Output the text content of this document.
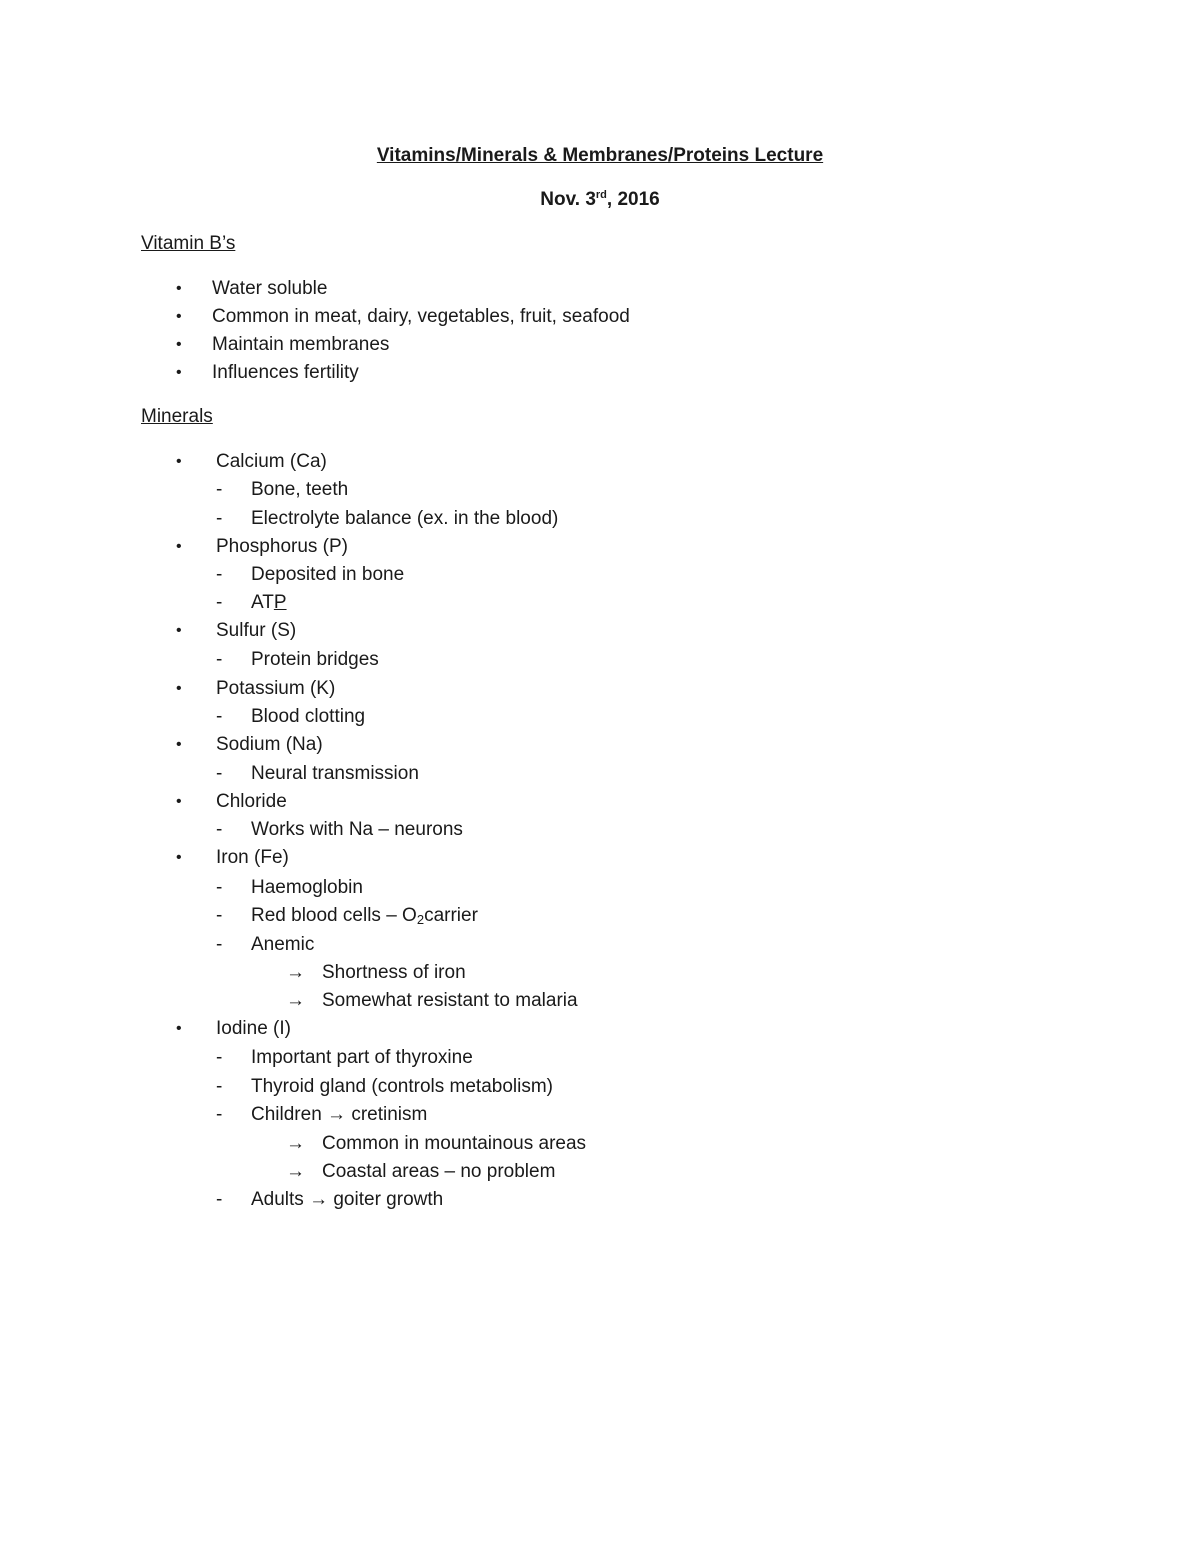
Vitamins/Minerals & Membranes/Proteins Lecture
Nov. 3rd, 2016
Vitamin B’s
• Water soluble
• Common in meat, dairy, vegetables, fruit, seafood
• Maintain membranes
• Influences fertility
Minerals
• Calcium (Ca)
- Bone, teeth
- Electrolyte balance (ex. in the blood)
• Phosphorus (P)
- Deposited in bone
- ATP
• Sulfur (S)
- Protein bridges
• Potassium (K)
- Blood clotting
• Sodium (Na)
- Neural transmission
• Chloride
- Works with Na – neurons
• Iron (Fe)
- Haemoglobin
- Red blood cells – $O_2carrier$
- Anemic
→ Shortness of iron
→ Somewhat resistant to malaria
• Iodine (I)
- Important part of thyroxine
- Thyroid gland (controls metabolism)
- Children → cretinism
→ Common in mountainous areas
→ Coastal areas – no problem
- Adults → goiter growth
